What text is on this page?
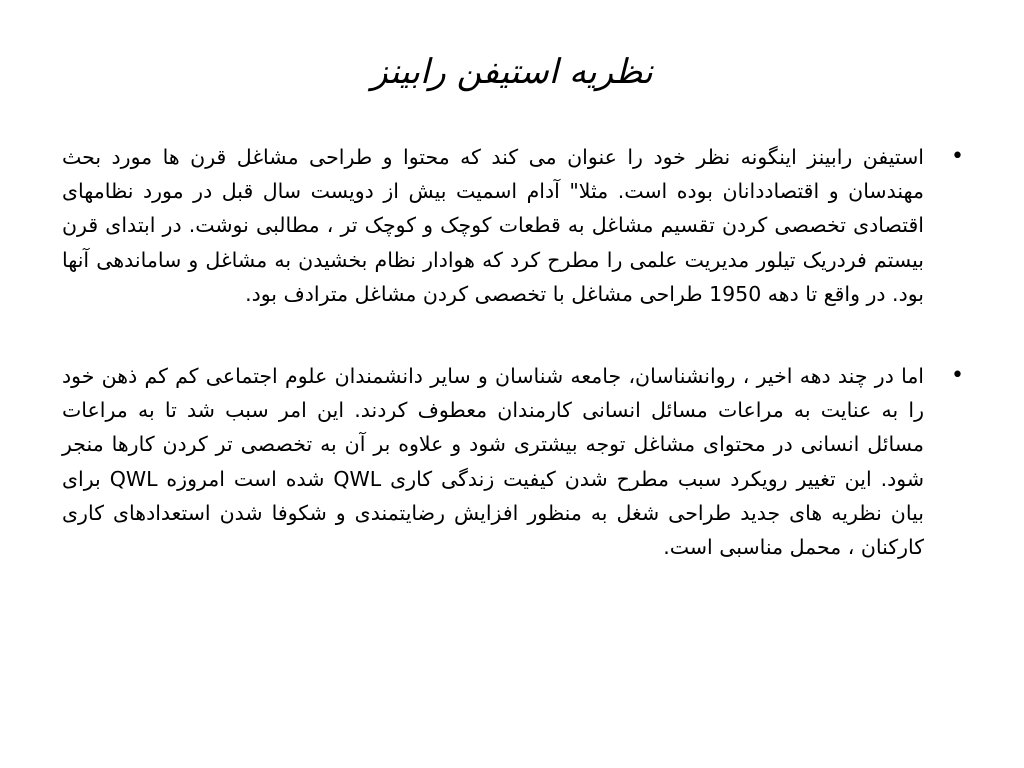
نظریه استیفن رابینز
•
استیفن رابینز اینگونه نظر خود را عنوان می کند که محتوا و طراحی مشاغل قرن ها مورد بحث مهندسان و اقتصاددانان بوده است. مثلا" آدام اسمیت بیش از دویست سال قبل در مورد نظامهای اقتصادی تخصصی کردن تقسیم مشاغل به قطعات کوچک و کوچک تر ، مطالبی نوشت. در ابتدای قرن بیستم فردریک تیلور مدیریت علمی را مطرح کرد که هوادار نظام بخشیدن به مشاغل و ساماندهی آنها بود. در واقع تا دهه 1950 طراحی مشاغل با تخصصی کردن مشاغل مترادف بود.
•
اما در چند دهه اخیر ، روانشناسان، جامعه شناسان و سایر دانشمندان علوم اجتماعی کم کم ذهن خود را به عنایت به مراعات مسائل انسانی کارمندان معطوف کردند. این امر سبب شد تا به مراعات مسائل انسانی در محتوای مشاغل توجه بیشتری شود و علاوه بر آن به تخصصی تر کردن کارها منجر شود. این تغییر رویکرد سبب مطرح شدن کیفیت زندگی کاری QWL شده است امروزه QWL برای بیان نظریه های جدید طراحی شغل به منظور افزایش رضایتمندی و شکوفا شدن استعدادهای کاری کارکنان ، محمل مناسبی است.
